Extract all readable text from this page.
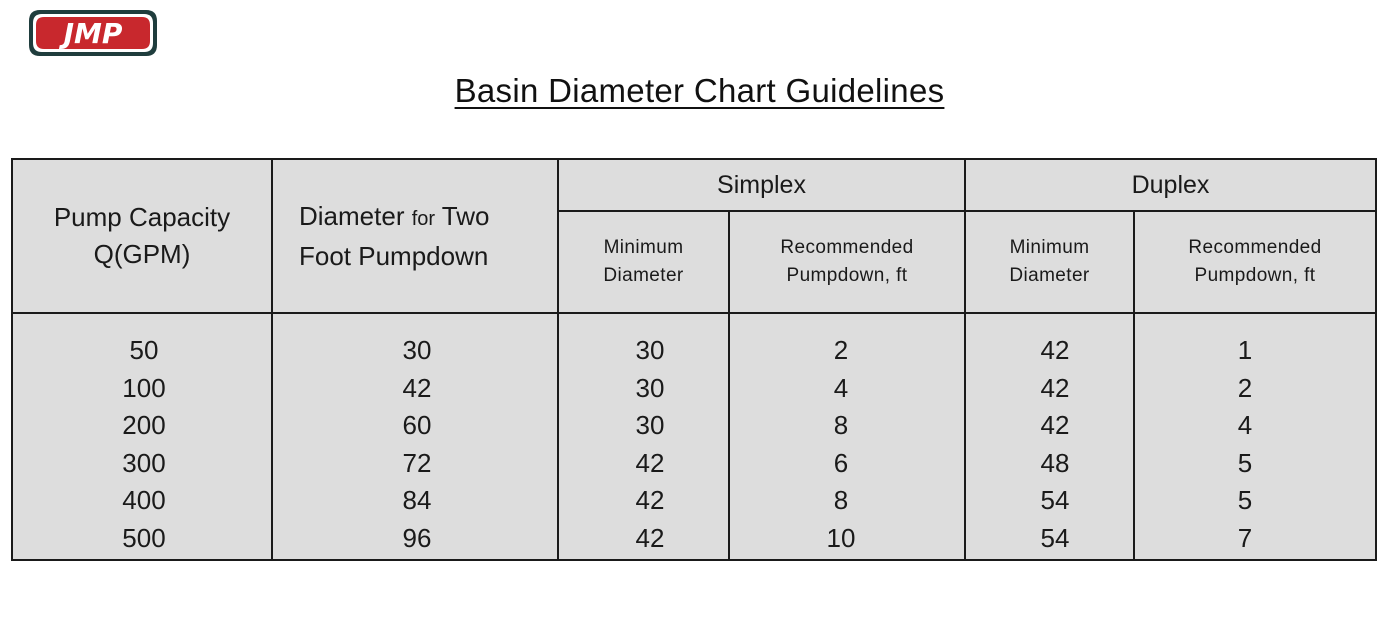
JMP
Basin Diameter Chart Guidelines
Pump Capacity
Q(GPM)
Diameter for Two
Foot Pumpdown
Simplex	Duplex
Minimum
Diameter
Recommended
Pumpdown, ft
Minimum
Diameter
Recommended
Pumpdown, ft
50
100
200
300
400
500
30
42
60
72
84
96
30
30
30
42
42
42
2
4
8
6
8
10
42
42
42
48
54
54
1
2
4
5
5
7
